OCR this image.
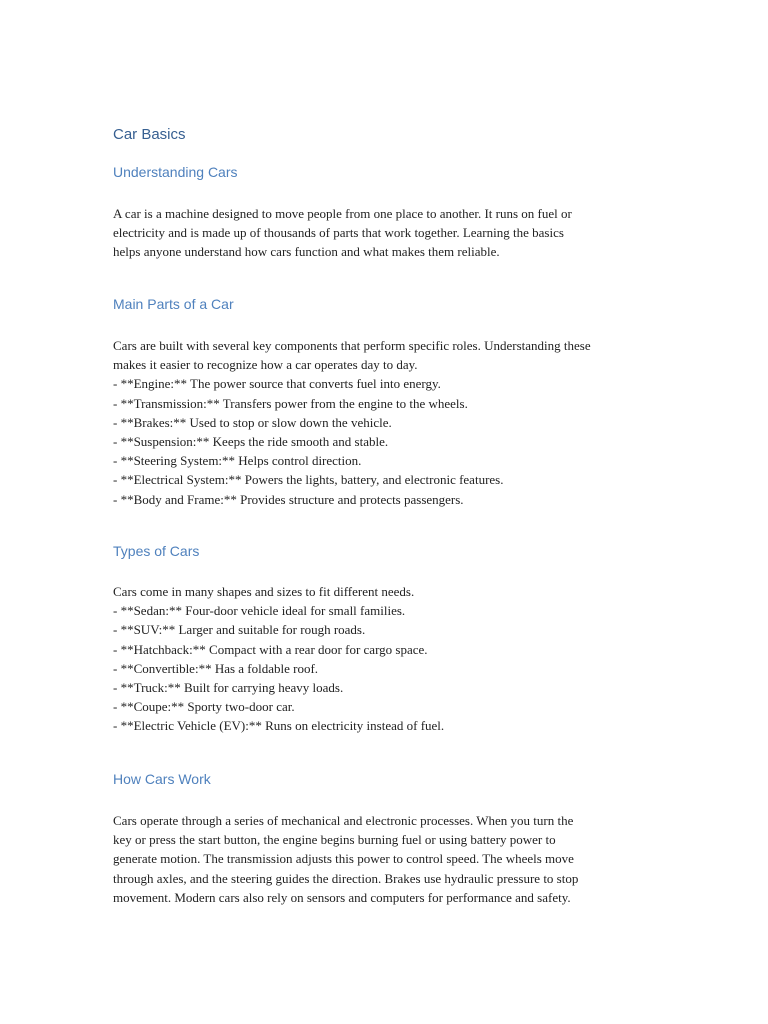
Car Basics
Understanding Cars
A car is a machine designed to move people from one place to another. It runs on fuel or
electricity and is made up of thousands of parts that work together. Learning the basics
helps anyone understand how cars function and what makes them reliable.
Main Parts of a Car
Cars are built with several key components that perform specific roles. Understanding these
makes it easier to recognize how a car operates day to day.
- **Engine:** The power source that converts fuel into energy.
- **Transmission:** Transfers power from the engine to the wheels.
- **Brakes:** Used to stop or slow down the vehicle.
- **Suspension:** Keeps the ride smooth and stable.
- **Steering System:** Helps control direction.
- **Electrical System:** Powers the lights, battery, and electronic features.
- **Body and Frame:** Provides structure and protects passengers.
Types of Cars
Cars come in many shapes and sizes to fit different needs.
- **Sedan:** Four-door vehicle ideal for small families.
- **SUV:** Larger and suitable for rough roads.
- **Hatchback:** Compact with a rear door for cargo space.
- **Convertible:** Has a foldable roof.
- **Truck:** Built for carrying heavy loads.
- **Coupe:** Sporty two-door car.
- **Electric Vehicle (EV):** Runs on electricity instead of fuel.
How Cars Work
Cars operate through a series of mechanical and electronic processes. When you turn the
key or press the start button, the engine begins burning fuel or using battery power to
generate motion. The transmission adjusts this power to control speed. The wheels move
through axles, and the steering guides the direction. Brakes use hydraulic pressure to stop
movement. Modern cars also rely on sensors and computers for performance and safety.
